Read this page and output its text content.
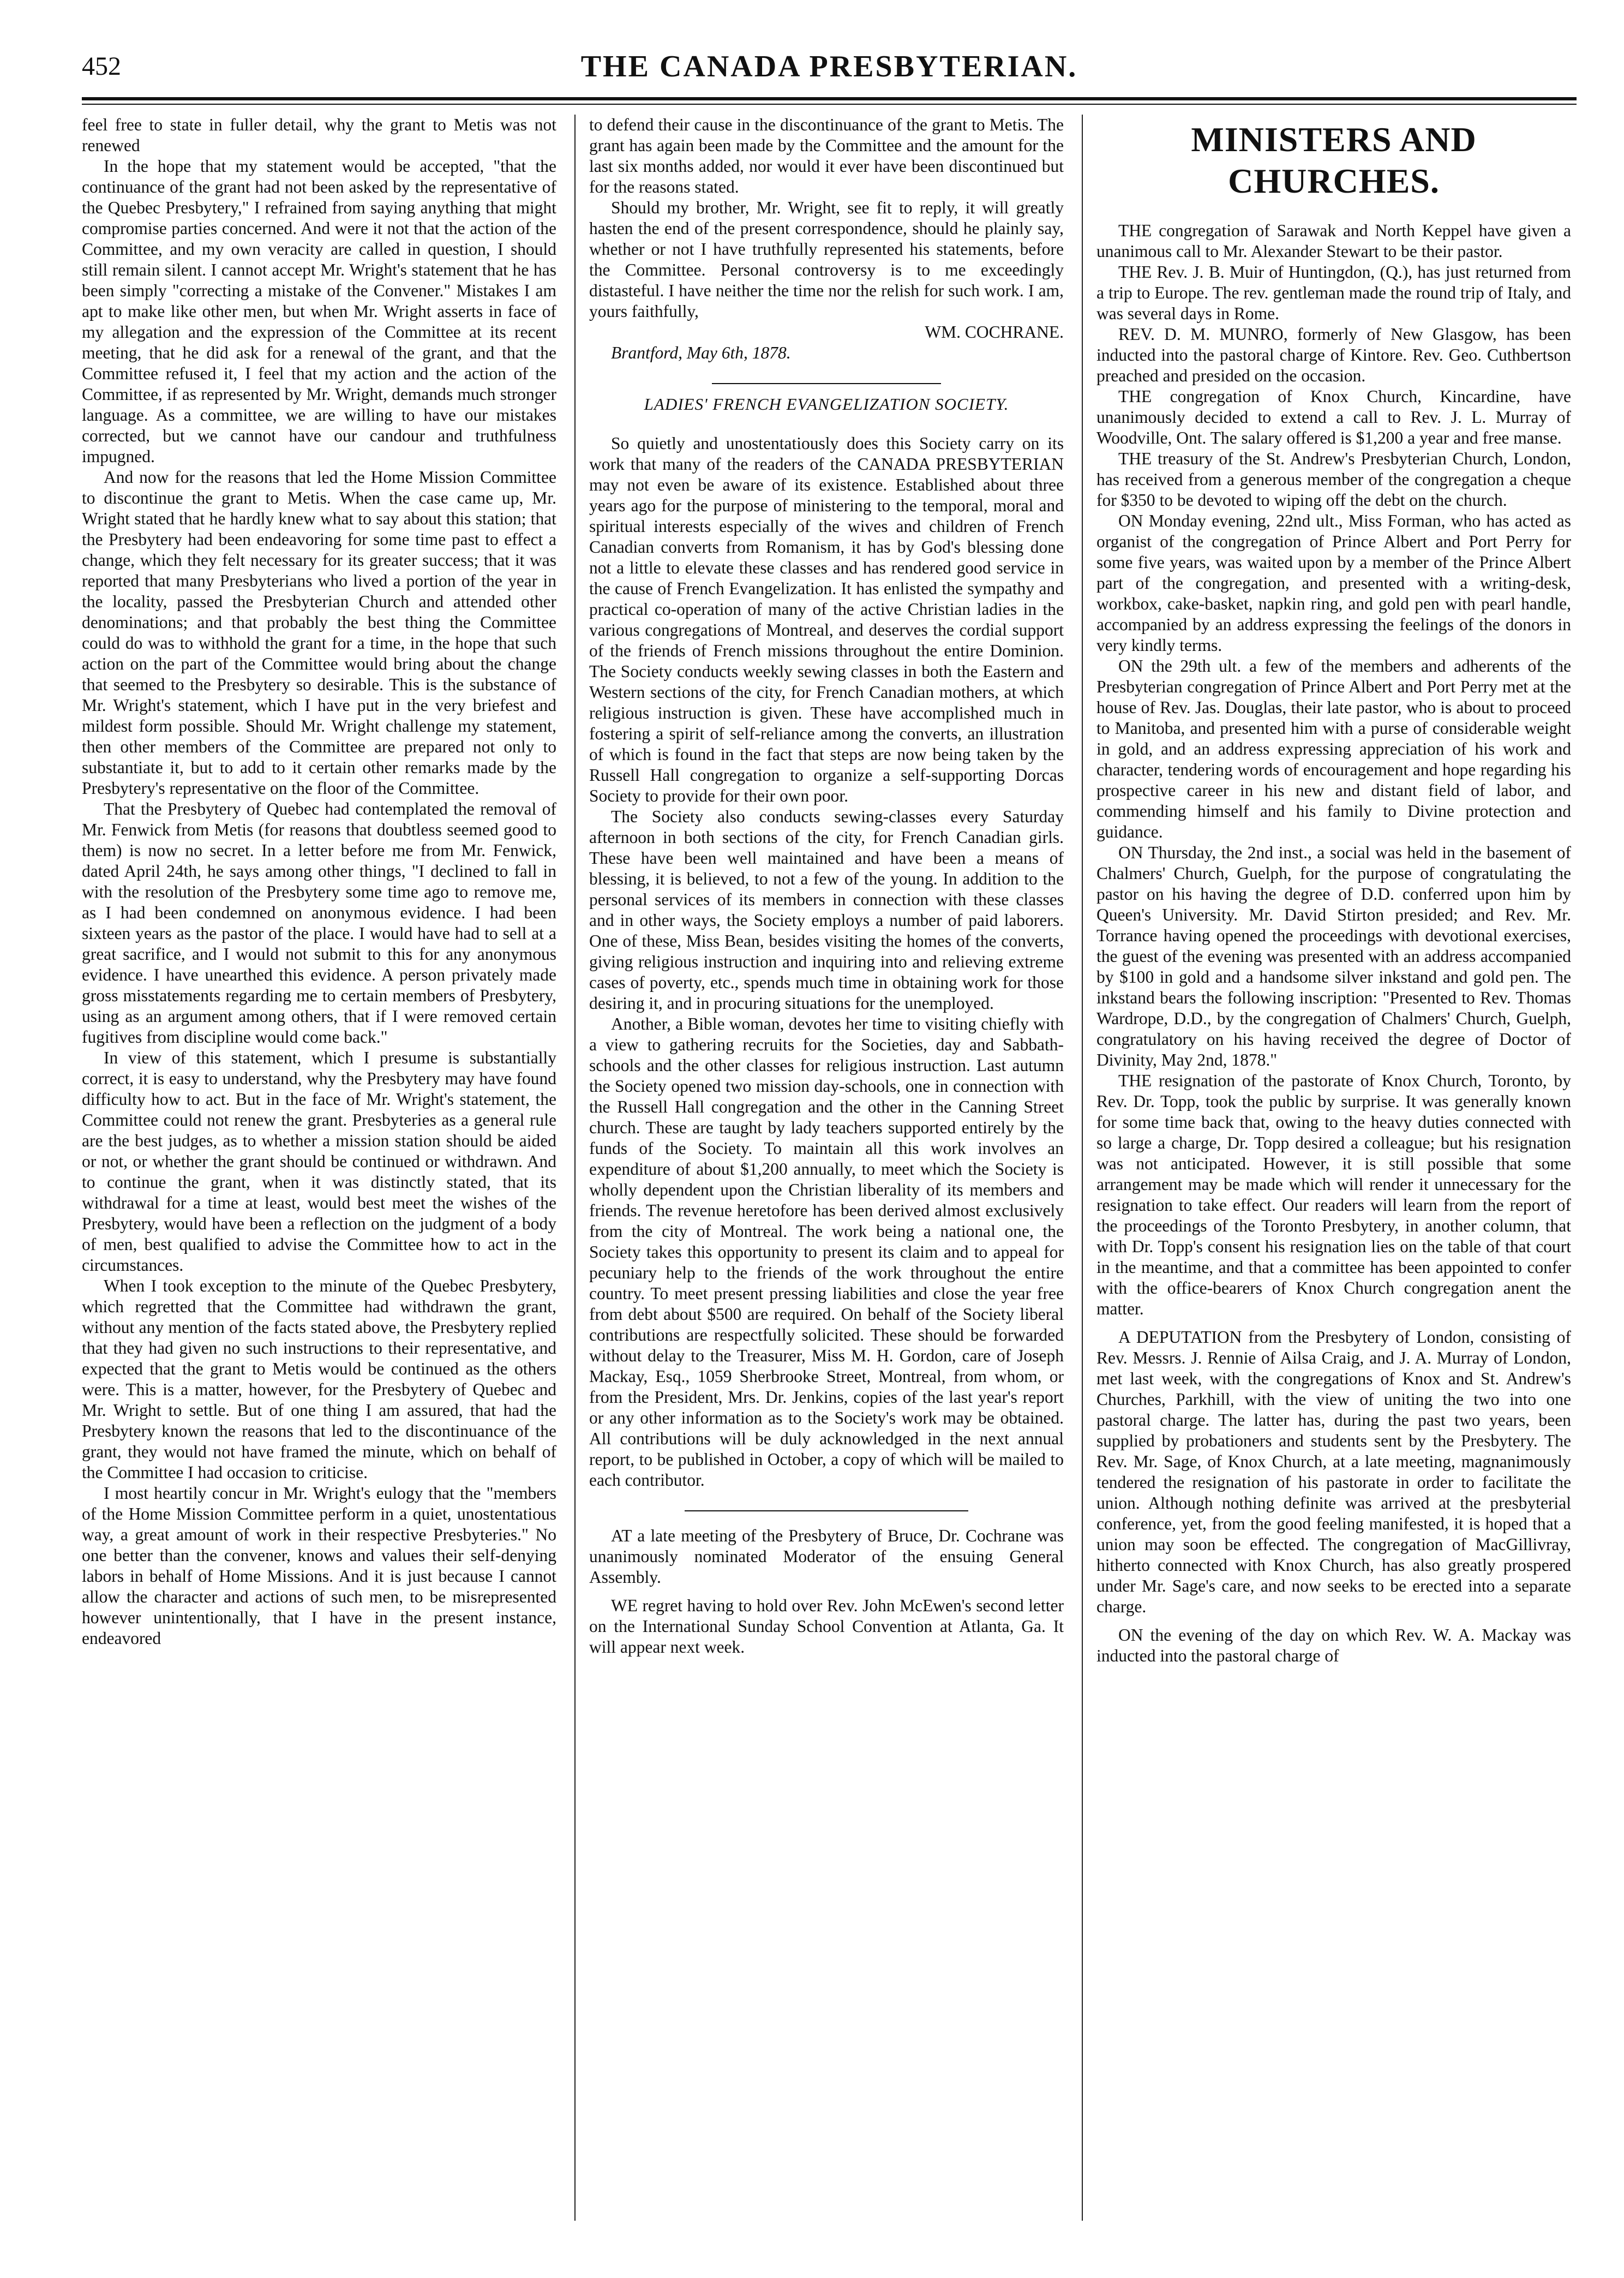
452	THE CANADA PRESBYTERIAN.

feel free to state in fuller detail, why the grant to Metis was not renewed

In the hope that my statement would be accepted, "that the continuance of the grant had not been asked by the representative of the Quebec Presbytery," I refrained from saying anything that might compromise parties concerned. And were it not that the action of the Committee, and my own veracity are called in question, I should still remain silent. I cannot accept Mr. Wright's statement that he has been simply "correcting a mistake of the Convener." Mistakes I am apt to make like other men, but when Mr. Wright asserts in face of my allegation and the expression of the Committee at its recent meeting, that he did ask for a renewal of the grant, and that the Committee refused it, I feel that my action and the action of the Committee, if as represented by Mr. Wright, demands much stronger language. As a committee, we are willing to have our mistakes corrected, but we cannot have our candour and truthfulness impugned.

And now for the reasons that led the Home Mission Committee to discontinue the grant to Metis. When the case came up, Mr. Wright stated that he hardly knew what to say about this station; that the Presbytery had been endeavoring for some time past to effect a change, which they felt necessary for its greater success; that it was reported that many Presbyterians who lived a portion of the year in the locality, passed the Presbyterian Church and attended other denominations; and that probably the best thing the Committee could do was to withhold the grant for a time, in the hope that such action on the part of the Committee would bring about the change that seemed to the Presbytery so desirable. This is the substance of Mr. Wright's statement, which I have put in the very briefest and mildest form possible. Should Mr. Wright challenge my statement, then other members of the Committee are prepared not only to substantiate it, but to add to it certain other remarks made by the Presbytery's representative on the floor of the Committee.

That the Presbytery of Quebec had contemplated the removal of Mr. Fenwick from Metis (for reasons that doubtless seemed good to them) is now no secret. In a letter before me from Mr. Fenwick, dated April 24th, he says among other things, "I declined to fall in with the resolution of the Presbytery some time ago to remove me, as I had been condemned on anonymous evidence. I had been sixteen years as the pastor of the place. I would have had to sell at a great sacrifice, and I would not submit to this for any anonymous evidence. I have unearthed this evidence. A person privately made gross misstatements regarding me to certain members of Presbytery, using as an argument among others, that if I were removed certain fugitives from discipline would come back."

In view of this statement, which I presume is substantially correct, it is easy to understand, why the Presbytery may have found difficulty how to act. But in the face of Mr. Wright's statement, the Committee could not renew the grant. Presbyteries as a general rule are the best judges, as to whether a mission station should be aided or not, or whether the grant should be continued or withdrawn. And to continue the grant, when it was distinctly stated, that its withdrawal for a time at least, would best meet the wishes of the Presbytery, would have been a reflection on the judgment of a body of men, best qualified to advise the Committee how to act in the circumstances.

When I took exception to the minute of the Quebec Presbytery, which regretted that the Committee had withdrawn the grant, without any mention of the facts stated above, the Presbytery replied that they had given no such instructions to their representative, and expected that the grant to Metis would be continued as the others were. This is a matter, however, for the Presbytery of Quebec and Mr. Wright to settle. But of one thing I am assured, that had the Presbytery known the reasons that led to the discontinuance of the grant, they would not have framed the minute, which on behalf of the Committee I had occasion to criticise.

I most heartily concur in Mr. Wright's eulogy that the "members of the Home Mission Committee perform in a quiet, unostentatious way, a great amount of work in their respective Presbyteries." No one better than the convener, knows and values their self-denying labors in behalf of Home Missions. And it is just because I cannot allow the character and actions of such men, to be misrepresented however unintentionally, that I have in the present instance, endeavored

to defend their cause in the discontinuance of the grant to Metis. The grant has again been made by the Committee and the amount for the last six months added, nor would it ever have been discontinued but for the reasons stated.

Should my brother, Mr. Wright, see fit to reply, it will greatly hasten the end of the present correspondence, should he plainly say, whether or not I have truthfully represented his statements, before the Committee. Personal controversy is to me exceedingly distasteful. I have neither the time nor the relish for such work. I am, yours faithfully,

WM. COCHRANE.

Brantford, May 6th, 1878.

LADIES' FRENCH EVANGELIZATION SOCIETY.

So quietly and unostentatiously does this Society carry on its work that many of the readers of the CANADA PRESBYTERIAN may not even be aware of its existence. Established about three years ago for the purpose of ministering to the temporal, moral and spiritual interests especially of the wives and children of French Canadian converts from Romanism, it has by God's blessing done not a little to elevate these classes and has rendered good service in the cause of French Evangelization. It has enlisted the sympathy and practical co-operation of many of the active Christian ladies in the various congregations of Montreal, and deserves the cordial support of the friends of French missions throughout the entire Dominion. The Society conducts weekly sewing classes in both the Eastern and Western sections of the city, for French Canadian mothers, at which religious instruction is given. These have accomplished much in fostering a spirit of self-reliance among the converts, an illustration of which is found in the fact that steps are now being taken by the Russell Hall congregation to organize a self-supporting Dorcas Society to provide for their own poor.

The Society also conducts sewing-classes every Saturday afternoon in both sections of the city, for French Canadian girls. These have been well maintained and have been a means of blessing, it is believed, to not a few of the young. In addition to the personal services of its members in connection with these classes and in other ways, the Society employs a number of paid laborers. One of these, Miss Bean, besides visiting the homes of the converts, giving religious instruction and inquiring into and relieving extreme cases of poverty, etc., spends much time in obtaining work for those desiring it, and in procuring situations for the unemployed.

Another, a Bible woman, devotes her time to visiting chiefly with a view to gathering recruits for the Societies, day and Sabbath-schools and the other classes for religious instruction. Last autumn the Society opened two mission day-schools, one in connection with the Russell Hall congregation and the other in the Canning Street church. These are taught by lady teachers supported entirely by the funds of the Society. To maintain all this work involves an expenditure of about $1,200 annually, to meet which the Society is wholly dependent upon the Christian liberality of its members and friends. The revenue heretofore has been derived almost exclusively from the city of Montreal. The work being a national one, the Society takes this opportunity to present its claim and to appeal for pecuniary help to the friends of the work throughout the entire country. To meet present pressing liabilities and close the year free from debt about $500 are required. On behalf of the Society liberal contributions are respectfully solicited. These should be forwarded without delay to the Treasurer, Miss M. H. Gordon, care of Joseph Mackay, Esq., 1059 Sherbrooke Street, Montreal, from whom, or from the President, Mrs. Dr. Jenkins, copies of the last year's report or any other information as to the Society's work may be obtained. All contributions will be duly acknowledged in the next annual report, to be published in October, a copy of which will be mailed to each contributor.

AT a late meeting of the Presbytery of Bruce, Dr. Cochrane was unanimously nominated Moderator of the ensuing General Assembly.

WE regret having to hold over Rev. John McEwen's second letter on the International Sunday School Convention at Atlanta, Ga. It will appear next week.

MINISTERS AND CHURCHES.

THE congregation of Sarawak and North Keppel have given a unanimous call to Mr. Alexander Stewart to be their pastor.

THE Rev. J. B. Muir of Huntingdon, (Q.), has just returned from a trip to Europe. The rev. gentleman made the round trip of Italy, and was several days in Rome.

REV. D. M. MUNRO, formerly of New Glasgow, has been inducted into the pastoral charge of Kintore. Rev. Geo. Cuthbertson preached and presided on the occasion.

THE congregation of Knox Church, Kincardine, have unanimously decided to extend a call to Rev. J. L. Murray of Woodville, Ont. The salary offered is $1,200 a year and free manse.

THE treasury of the St. Andrew's Presbyterian Church, London, has received from a generous member of the congregation a cheque for $350 to be devoted to wiping off the debt on the church.

ON Monday evening, 22nd ult., Miss Forman, who has acted as organist of the congregation of Prince Albert and Port Perry for some five years, was waited upon by a member of the Prince Albert part of the congregation, and presented with a writing-desk, workbox, cake-basket, napkin ring, and gold pen with pearl handle, accompanied by an address expressing the feelings of the donors in very kindly terms.

ON the 29th ult. a few of the members and adherents of the Presbyterian congregation of Prince Albert and Port Perry met at the house of Rev. Jas. Douglas, their late pastor, who is about to proceed to Manitoba, and presented him with a purse of considerable weight in gold, and an address expressing appreciation of his work and character, tendering words of encouragement and hope regarding his prospective career in his new and distant field of labor, and commending himself and his family to Divine protection and guidance.

ON Thursday, the 2nd inst., a social was held in the basement of Chalmers' Church, Guelph, for the purpose of congratulating the pastor on his having the degree of D.D. conferred upon him by Queen's University. Mr. David Stirton presided; and Rev. Mr. Torrance having opened the proceedings with devotional exercises, the guest of the evening was presented with an address accompanied by $100 in gold and a handsome silver inkstand and gold pen. The inkstand bears the following inscription: "Presented to Rev. Thomas Wardrope, D.D., by the congregation of Chalmers' Church, Guelph, congratulatory on his having received the degree of Doctor of Divinity, May 2nd, 1878."

THE resignation of the pastorate of Knox Church, Toronto, by Rev. Dr. Topp, took the public by surprise. It was generally known for some time back that, owing to the heavy duties connected with so large a charge, Dr. Topp desired a colleague; but his resignation was not anticipated. However, it is still possible that some arrangement may be made which will render it unnecessary for the resignation to take effect. Our readers will learn from the report of the proceedings of the Toronto Presbytery, in another column, that with Dr. Topp's consent his resignation lies on the table of that court in the meantime, and that a committee has been appointed to confer with the office-bearers of Knox Church congregation anent the matter.

A DEPUTATION from the Presbytery of London, consisting of Rev. Messrs. J. Rennie of Ailsa Craig, and J. A. Murray of London, met last week, with the congregations of Knox and St. Andrew's Churches, Parkhill, with the view of uniting the two into one pastoral charge. The latter has, during the past two years, been supplied by probationers and students sent by the Presbytery. The Rev. Mr. Sage, of Knox Church, at a late meeting, magnanimously tendered the resignation of his pastorate in order to facilitate the union. Although nothing definite was arrived at the presbyterial conference, yet, from the good feeling manifested, it is hoped that a union may soon be effected. The congregation of MacGillivray, hitherto connected with Knox Church, has also greatly prospered under Mr. Sage's care, and now seeks to be erected into a separate charge.

ON the evening of the day on which Rev. W. A. Mackay was inducted into the pastoral charge of
